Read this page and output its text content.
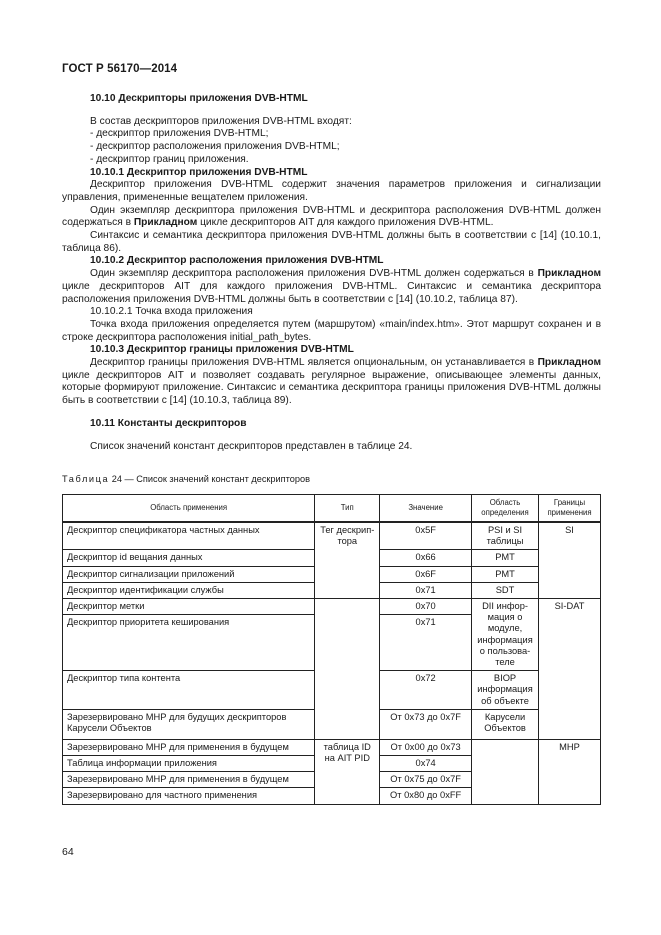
ГОСТ Р 56170—2014

10.10 Дескрипторы приложения DVB-HTML

В состав дескрипторов приложения DVB-HTML входят:

- дескриптор приложения DVB-HTML;

- дескриптор расположения приложения DVB-HTML;

- дескриптор границ приложения.

10.10.1 Дескриптор приложения DVB-HTML

Дескриптор приложения DVB-HTML содержит значения параметров приложения и сигнализации управления, примененные вещателем приложения.

Один экземпляр дескриптора приложения DVB-HTML и дескриптора расположения DVB-HTML должен содержаться в Прикладном цикле дескрипторов AIT для каждого приложения DVB-HTML.

Синтаксис и семантика дескриптора приложения DVB-HTML должны быть в соответствии с [14] (10.10.1, таблица 86).

10.10.2 Дескриптор расположения приложения DVB-HTML

Один экземпляр дескриптора расположения приложения DVB-HTML должен содержаться в Прикладном цикле дескрипторов AIT для каждого приложения DVB-HTML. Синтаксис и семантика дескриптора расположения приложения DVB-HTML должны быть в соответствии с [14] (10.10.2, таблица 87).

10.10.2.1 Точка входа приложения

Точка входа приложения определяется путем (маршрутом) «main/index.htm». Этот маршрут сохранен и в строке дескриптора расположения initial_path_bytes.

10.10.3 Дескриптор границы приложения DVB-HTML

Дескриптор границы приложения DVB-HTML является опциональным, он устанавливается в Прикладном цикле дескрипторов AIT и позволяет создавать регулярное выражение, описывающее элементы данных, которые формируют приложение. Синтаксис и семантика дескриптора границы приложения DVB-HTML должны быть в соответствии с [14] (10.10.3, таблица 89).

10.11 Константы дескрипторов

Список значений констант дескрипторов представлен в таблице 24.

Таблица 24 — Список значений констант дескрипторов
Область применения	Тип	Значение	Область определения	Границы применения
Дескриптор спецификатора частных данных	Тег дескрип-тора	0x5F	PSI и SI таблицы	SI
Дескриптор id вещания данных		0x66	PMT	
Дескриптор сигнализации приложений		0x6F	PMT	
Дескриптор идентификации службы		0x71	SDT	
Дескриптор метки		0x70	DII инфор-мация о модуле, информация о пользова-теле	SI-DAT
Дескриптор приоритета кеширования		0x71		
Дескриптор типа контента		0x72	BIOP информация об объекте	
Зарезервировано МНР для будущих дескрипторов Карусели Объектов		От 0x73 до 0x7F	Карусели Объектов	
Зарезервировано МНР для применения в будущем	таблица ID на AIT PID	От 0x00 до 0x73		МНР
Таблица информации приложения		0x74		
Зарезервировано МНР для применения в будущем		От 0x75 до 0x7F		
Зарезервировано для частного применения		От 0x80 до 0xFF		
64
